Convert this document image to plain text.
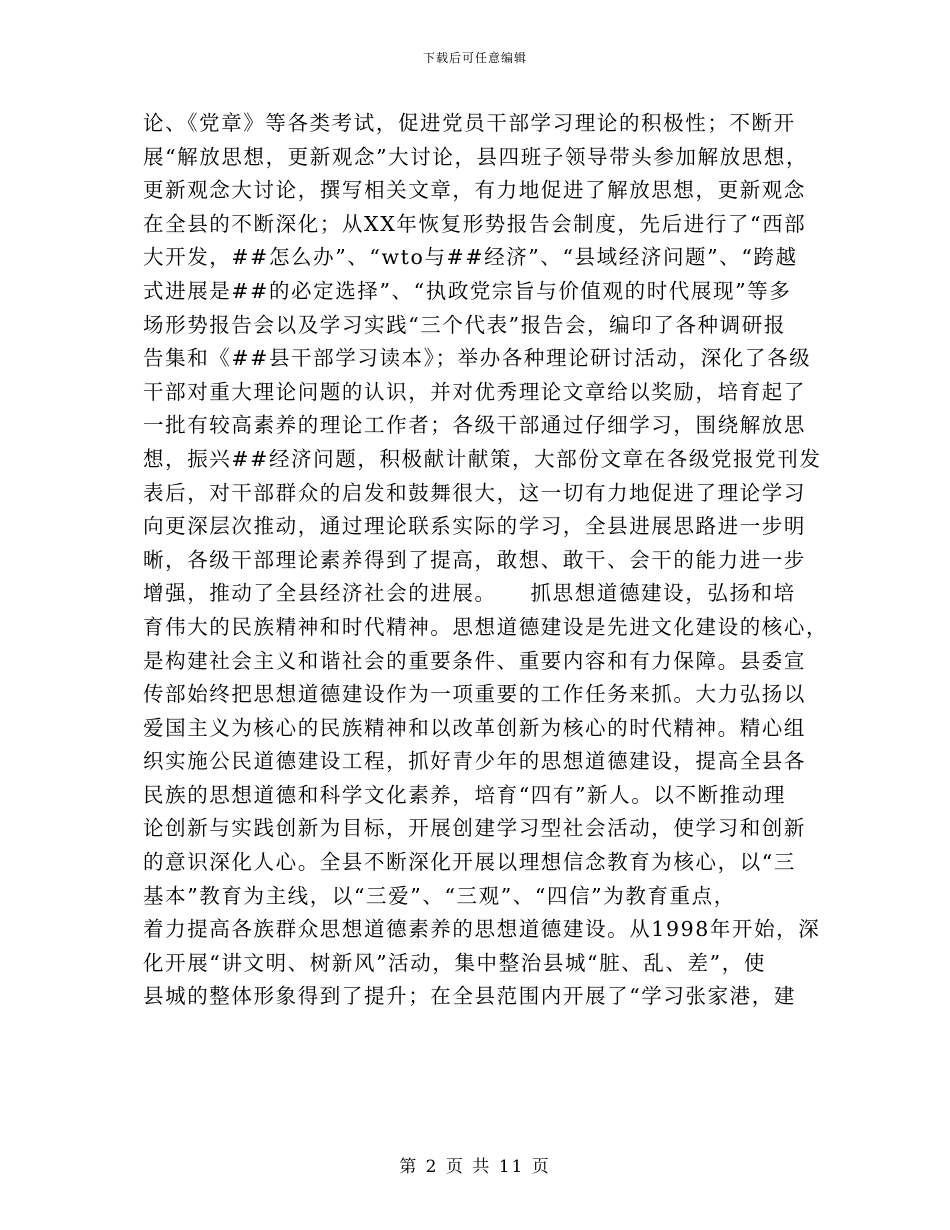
下载后可任意编辑
论、《党章》等各类考试，促进党员干部学习理论的积极性；不断开
展“解放思想，更新观念”大讨论，县四班子领导带头参加解放思想，
更新观念大讨论，撰写相关文章，有力地促进了解放思想，更新观念
在全县的不断深化；从XX年恢复形势报告会制度，先后进行了“西部
大开发，##怎么办”、“wto与##经济”、“县域经济问题”、“跨越
式进展是##的必定选择”、“执政党宗旨与价值观的时代展现”等多
场形势报告会以及学习实践“三个代表”报告会，编印了各种调研报
告集和《##县干部学习读本》；举办各种理论研讨活动，深化了各级
干部对重大理论问题的认识，并对优秀理论文章给以奖励，培育起了
一批有较高素养的理论工作者；各级干部通过仔细学习，围绕解放思
想，振兴##经济问题，积极献计献策，大部份文章在各级党报党刊发
表后，对干部群众的启发和鼓舞很大，这一切有力地促进了理论学习
向更深层次推动，通过理论联系实际的学习，全县进展思路进一步明
晰，各级干部理论素养得到了提高，敢想、敢干、会干的能力进一步
增强，推动了全县经济社会的进展。　　抓思想道德建设，弘扬和培
育伟大的民族精神和时代精神。思想道德建设是先进文化建设的核心，
是构建社会主义和谐社会的重要条件、重要内容和有力保障。县委宣
传部始终把思想道德建设作为一项重要的工作任务来抓。大力弘扬以
爱国主义为核心的民族精神和以改革创新为核心的时代精神。精心组
织实施公民道德建设工程，抓好青少年的思想道德建设，提高全县各
民族的思想道德和科学文化素养，培育“四有”新人。以不断推动理
论创新与实践创新为目标，开展创建学习型社会活动，使学习和创新
的意识深化人心。全县不断深化开展以理想信念教育为核心，以“三
基本”教育为主线，以“三爱”、“三观”、“四信”为教育重点，
着力提高各族群众思想道德素养的思想道德建设。从1998年开始，深
化开展“讲文明、树新风”活动，集中整治县城“脏、乱、差”，使
县城的整体形象得到了提升；在全县范围内开展了“学习张家港，建
第 2 页 共 11 页
